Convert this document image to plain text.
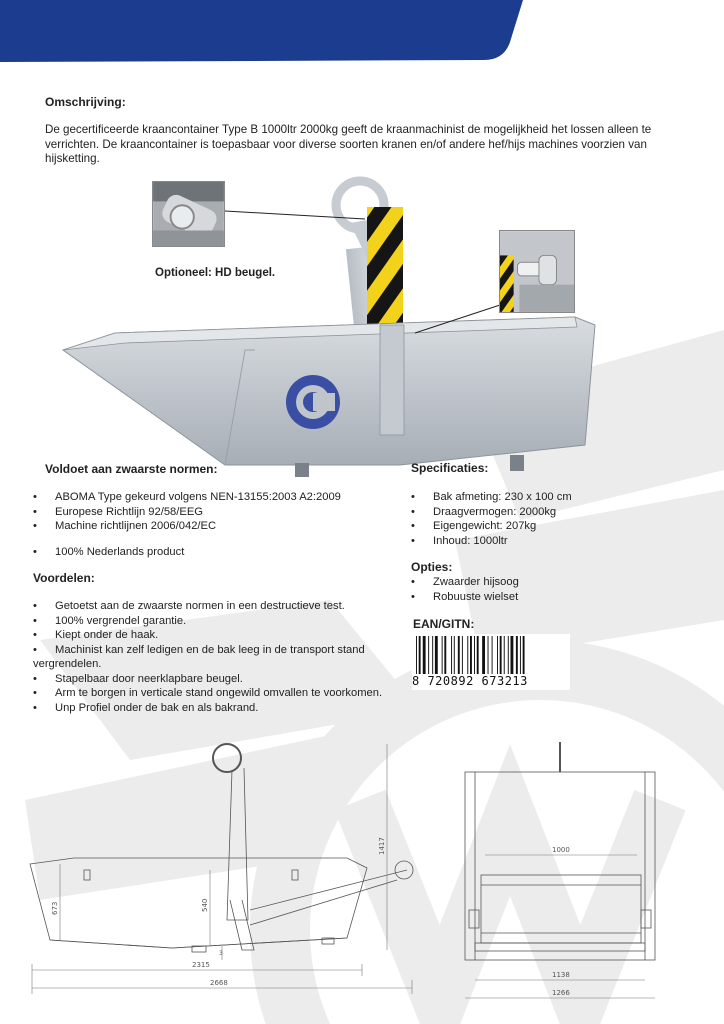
Omschrijving:
De gecertificeerde kraancontainer Type B 1000ltr 2000kg geeft de kraanmachinist de mogelijkheid het lossen alleen te verrichten. De kraancontainer is toepasbaar voor diverse soorten kranen en/of andere hef/hijs machines voorzien van hijsketting.
Optioneel: HD beugel.
Voldoet aan zwaarste normen:
• ABOMA Type gekeurd volgens NEN-13155:2003 A2:2009
• Europese Richtlijn 92/58/EEG
• Machine richtlijnen 2006/042/EC
• 100% Nederlands product
Voordelen:
• Getoetst aan de zwaarste normen in een destructieve test.
• 100% vergrendel garantie.
• Kiept onder de haak.
• Machinist kan zelf ledigen en de bak leeg in de transport stand vergrendelen.
• Stapelbaar door neerklapbare beugel.
• Arm te borgen in verticale stand ongewild omvallen te voorkomen.
• Unp Profiel onder de bak en als bakrand.
Specificaties:
• Bak afmeting: 230 x 100 cm
• Draagvermogen: 2000kg
• Eigengewicht: 207kg
• Inhoud: 1000ltr
Opties:
• Zwaarder hijsoog
• Robuuste wielset
EAN/GITN:
8 720892 673213
2315
2668
1417
673	540
3
1000
1138
1266
